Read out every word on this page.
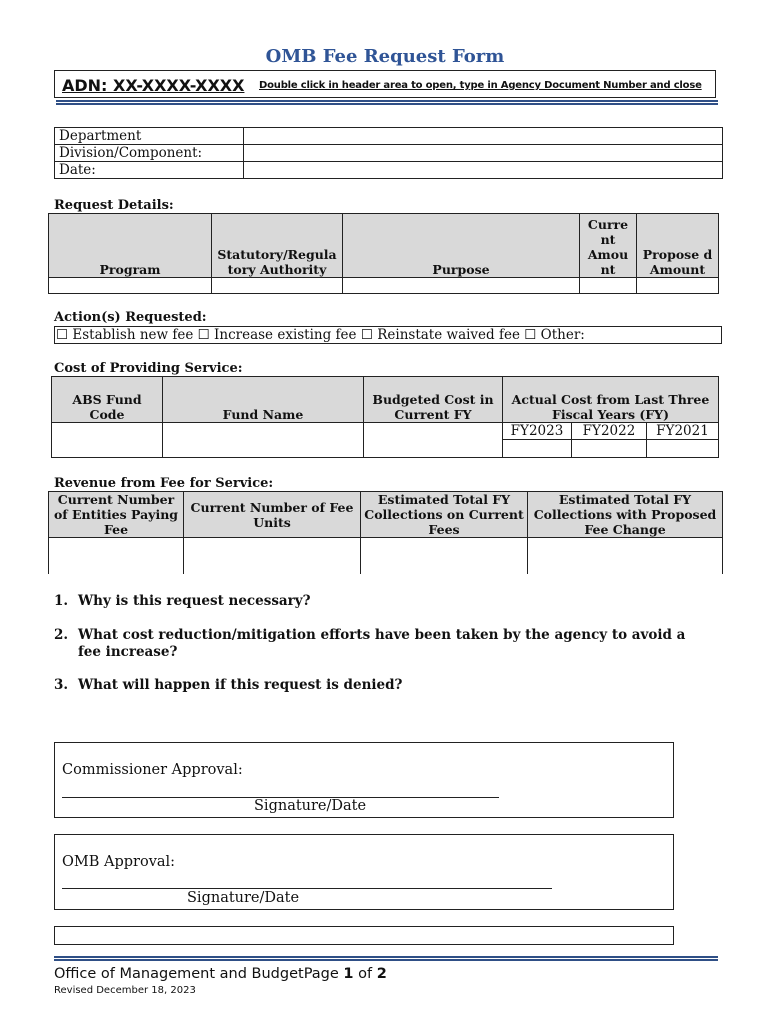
OMB Fee Request Form
ADN: XX-XXXX-XXXX Double click in header area to open, type in Agency Document Number and close
Department	
Division/Component:	
Date:	
Request Details:
Program	Statutory/Regula tory Authority	Purpose	Curre nt Amou nt	Propose d Amount

Action(s) Requested:
☐ Establish new fee ☐ Increase existing fee ☐ Reinstate waived fee ☐ Other:
Cost of Providing Service:
ABS Fund Code	Fund Name	Budgeted Cost in Current FY	Actual Cost from Last Three Fiscal Years (FY)		
			FY2023	FY2022	FY2021

Revenue from Fee for Service:
Current Number of Entities Paying Fee	Current Number of Fee Units	Estimated Total FY Collections on Current Fees	Estimated Total FY Collections with Proposed Fee Change

1. Why is this request necessary?
2. What cost reduction/mitigation efforts have been taken by the agency to avoid a fee increase?
3. What will happen if this request is denied?
Commissioner Approval:
Signature/Date
OMB Approval:
Signature/Date
Office of Management and BudgetPage 1 of 2
Revised December 18, 2023
